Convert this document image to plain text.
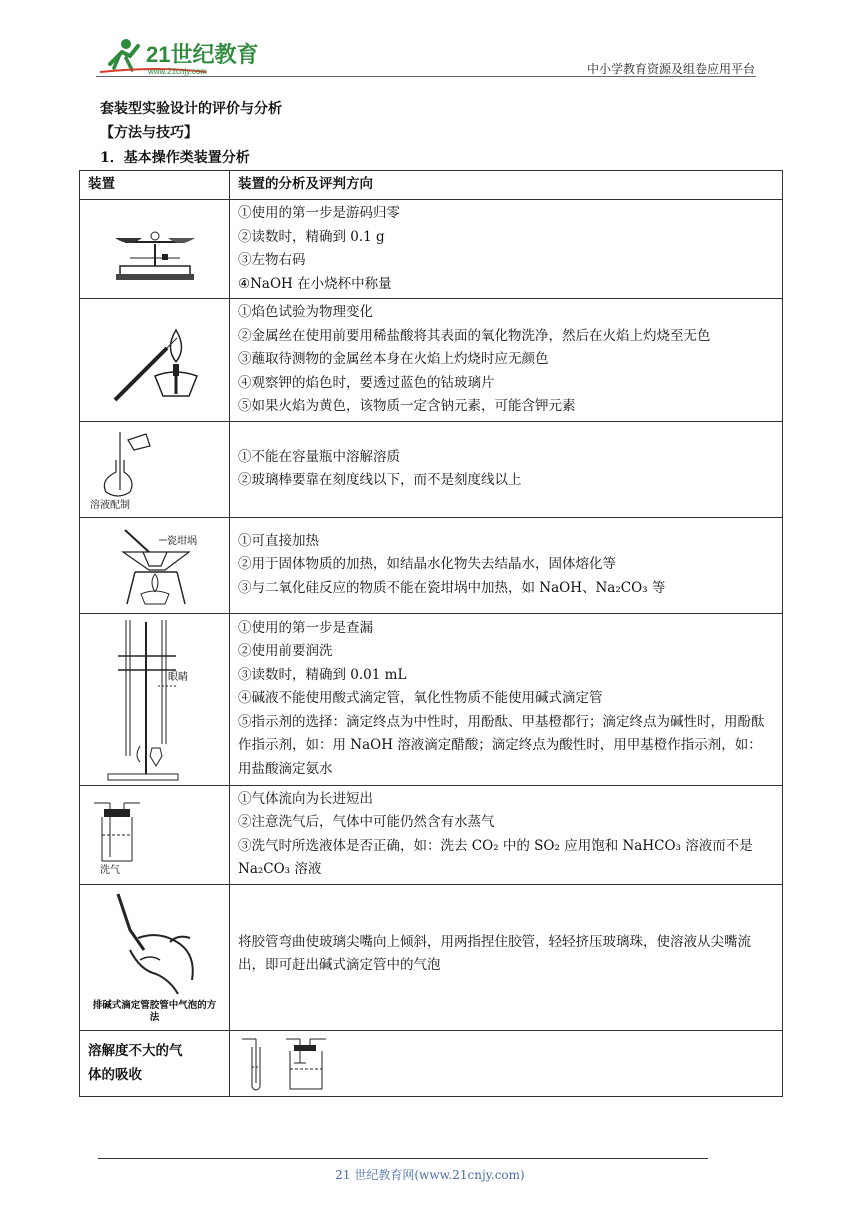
21世纪教育
www.21cnjy.com	中小学教育资源及组卷应用平台
套装型实验设计的评价与分析
【方法与技巧】
1．基本操作类装置分析
装置	装置的分析及评判方向

①使用的第一步是游码归零
②读数时，精确到 0.1 g
③左物右码
④NaOH 在小烧杯中称量

①焰色试验为物理变化
②金属丝在使用前要用稀盐酸将其表面的氧化物洗净，然后在火焰上灼烧至无色
③蘸取待测物的金属丝本身在火焰上灼烧时应无颜色
④观察钾的焰色时，要透过蓝色的钴玻璃片
⑤如果火焰为黄色，该物质一定含钠元素，可能含钾元素

溶液配制	①不能在容量瓶中溶解溶质
②玻璃棒要靠在刻度线以下，而不是刻度线以上

瓷坩埚	①可直接加热
②用于固体物质的加热，如结晶水化物失去结晶水，固体熔化等
③与二氧化硅反应的物质不能在瓷坩埚中加热，如 NaOH、Na₂CO₃ 等

眼睛	①使用的第一步是查漏
②使用前要润洗
③读数时，精确到 0.01 mL
④碱液不能使用酸式滴定管，氧化性物质不能使用碱式滴定管
⑤指示剂的选择：滴定终点为中性时，用酚酞、甲基橙都行；滴定终点为碱性时，用酚酞作指示剂，如：用 NaOH 溶液滴定醋酸；滴定终点为酸性时，用甲基橙作指示剂，如：用盐酸滴定氨水

洗气	①气体流向为长进短出
②注意洗气后，气体中可能仍然含有水蒸气
③洗气时所选液体是否正确，如：洗去 CO₂ 中的 SO₂ 应用饱和 NaHCO₃ 溶液而不是 Na₂CO₃ 溶液

排碱式滴定管胶管中气泡的方法	将胶管弯曲使玻璃尖嘴向上倾斜，用两指捏住胶管，轻轻挤压玻璃珠，使溶液从尖嘴流出，即可赶出碱式滴定管中的气泡

溶解度不大的气体的吸收	
21 世纪教育网(www.21cnjy.com)
